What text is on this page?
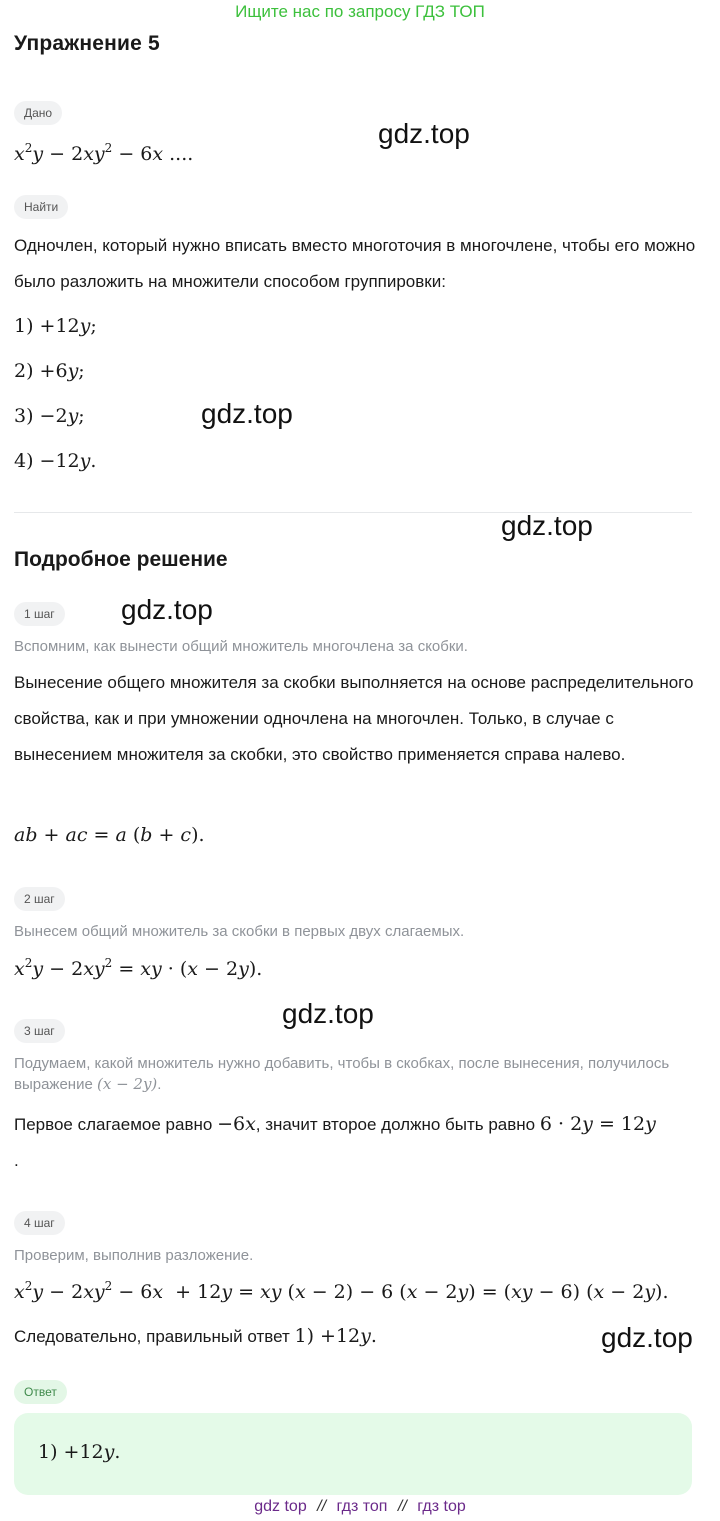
Ищите нас по запросу ГДЗ ТОП
Упражнение 5
Дано
$x^2y - 2xy^2 - 6x$ ....
Найти
Одночлен, который нужно вписать вместо многоточия в многочлене, чтобы его можно было разложить на множители способом группировки:
1) +12y;
2) +6y;
3) −2y;
4) −12y.
Подробное решение
1 шаг
Вспомним, как вынести общий множитель многочлена за скобки.
Вынесение общего множителя за скобки выполняется на основе распределительного свойства, как и при умножении одночлена на многочлен. Только, в случае с вынесением множителя за скобки, это свойство применяется справа налево.
ab + ac = a (b + c).
2 шаг
Вынесем общий множитель за скобки в первых двух слагаемых.
$x^2y - 2xy^2$ = xy · (x − 2y).
3 шаг
Подумаем, какой множитель нужно добавить, чтобы в скобках, после вынесения, получилось выражение (x − 2y).
Первое слагаемое равно −6x, значит второе должно быть равно 6 · 2y = 12y
.
4 шаг
Проверим, выполнив разложение.
$x^2y - 2xy^2 - 6x + 12y$ = xy (x − 2) − 6 (x − 2y) = (xy − 6) (x − 2y).
Следовательно, правильный ответ 1) +12y.
Ответ
1) +12y.
gdz.top
gdz.top
gdz.top
gdz.top
gdz.top
gdz.top
gdz top // гдз топ // гдз top
